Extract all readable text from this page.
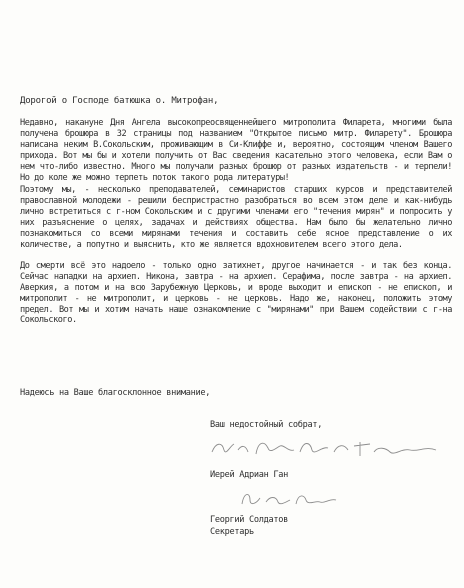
Дорогой о Господе батюшка о. Митрофан,

Недавно, накануне Дня Ангела высокопреосвященнейшего митрополита Филарета, многими была получена брошюра в 32 страницы под названием "Открытое письмо митр. Филарету". Брошюра написана неким В.Сокольским, проживающим в Си-Клиффе и, вероятно, состоящим членом Вашего прихода. Вот мы бы и хотели получить от Вас сведения касательно этого человека, если Вам о нем что-либо известно. Много мы получали разных брошюр от разных издательств - и терпели! Но до коле же можно терпеть поток такого рода литературы!

Поэтому мы, - несколько преподавателей, семинаристов старших курсов и представителей православной молодежи - решили беспристрастно разобраться во всем этом деле и как-нибудь лично встретиться с г-ном Сокольским и с другими членами его "течения мирян" и попросить у них разъяснение о целях, задачах и действиях общества. Нам было бы желательно лично познакомиться со всеми мирянами течения и составить себе ясное представление о их количестве, а попутно и выяснить, кто же является вдохновителем всего этого дела.

До смерти всё это надоело - только одно затихнет, другое начинается - и так без конца. Сейчас нападки на архиеп. Никона, завтра - на архиеп. Серафима, после завтра - на архиеп. Аверкия, а потом и на всю Зарубежную Церковь, и вроде выходит и епископ - не епископ, и митрополит - не митрополит, и церковь - не церковь. Надо же, наконец, положить этому предел. Вот мы и хотим начать наше ознакомление с "мирянами" при Вашем содействии с г-на Сокольского.

Надеюсь на Ваше благосклонное внимание,
Ваш недостойный собрат,
Иерей Адриан Ган
Георгий Солдатов
Секретарь
